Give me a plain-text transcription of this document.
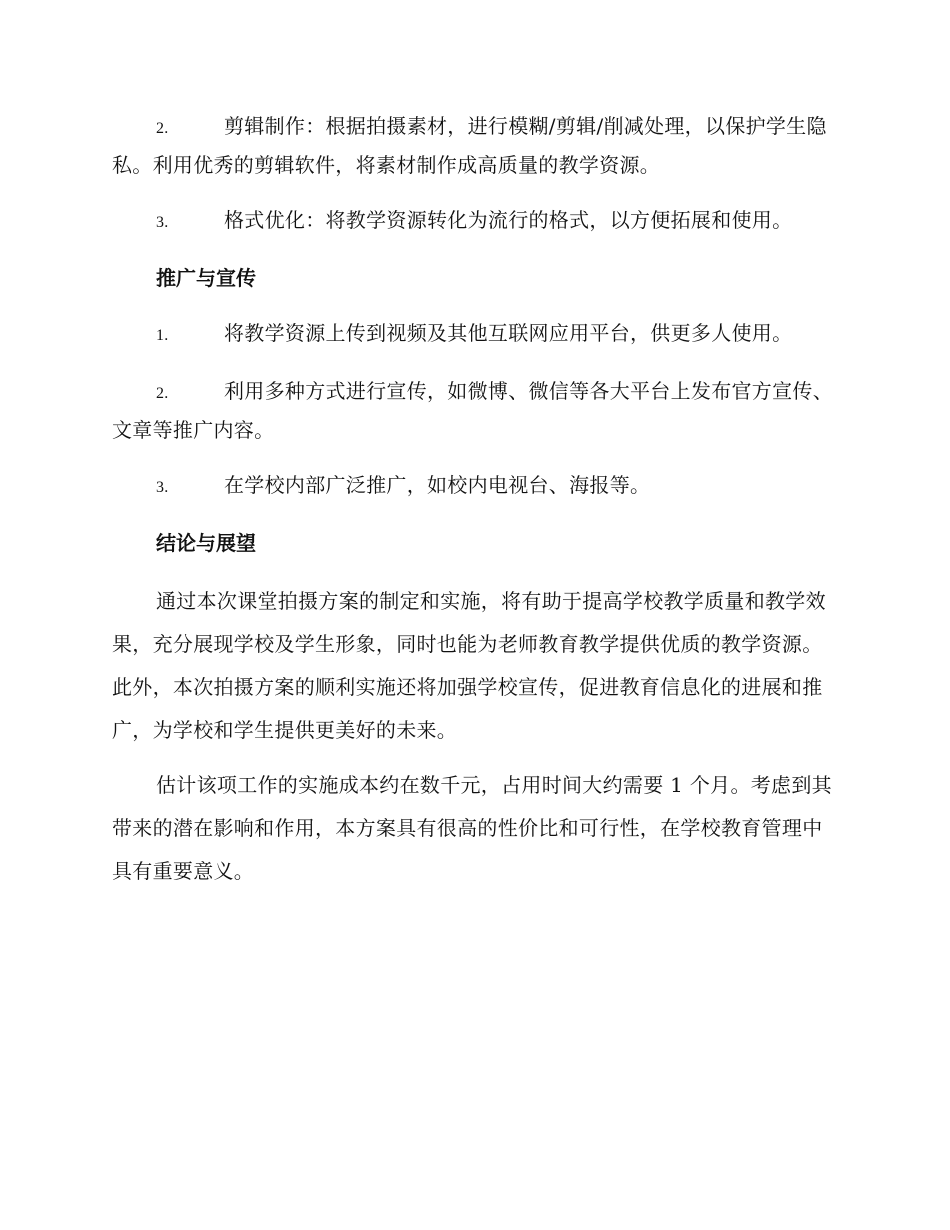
2.	剪辑制作：根据拍摄素材，进行模糊/剪辑/削减处理，以保护学生隐私。利用优秀的剪辑软件，将素材制作成高质量的教学资源。
3.	格式优化：将教学资源转化为流行的格式，以方便拓展和使用。
推广与宣传
1.	将教学资源上传到视频及其他互联网应用平台，供更多人使用。
2.	利用多种方式进行宣传，如微博、微信等各大平台上发布官方宣传、文章等推广内容。
3.	在学校内部广泛推广，如校内电视台、海报等。
结论与展望

通过本次课堂拍摄方案的制定和实施，将有助于提高学校教学质量和教学效果，充分展现学校及学生形象，同时也能为老师教育教学提供优质的教学资源。此外，本次拍摄方案的顺利实施还将加强学校宣传，促进教育信息化的进展和推广，为学校和学生提供更美好的未来。

估计该项工作的实施成本约在数千元，占用时间大约需要 1 个月。考虑到其带来的潜在影响和作用，本方案具有很高的性价比和可行性，在学校教育管理中具有重要意义。
